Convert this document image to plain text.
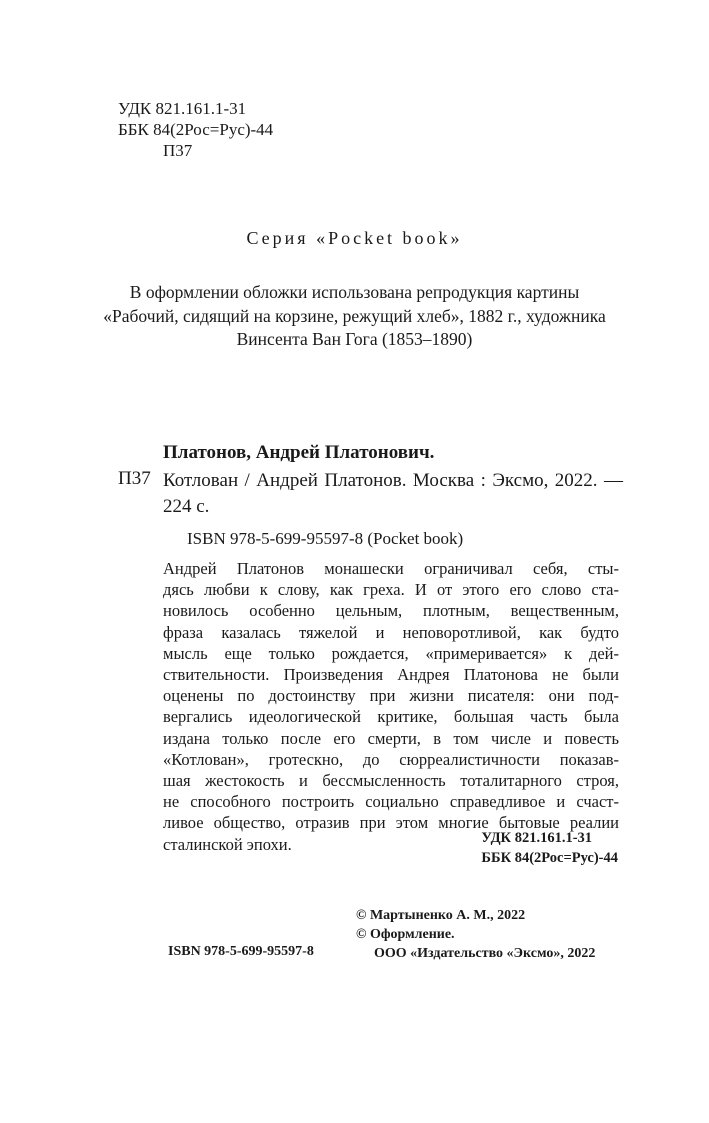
УДК 821.161.1-31
ББК 84(2Рос=Рус)-44
П37
Серия «Pocket book»
В оформлении обложки использована репродукция картины «Рабочий, сидящий на корзине, режущий хлеб», 1882 г., художника Винсента Ван Гога (1853–1890)
Платонов, Андрей Платонович.
П37 Котлован / Андрей Платонов. Москва : Эксмо, 2022. — 224 с.
ISBN 978-5-699-95597-8 (Pocket book)
Андрей Платонов монашески ограничивал себя, сты-
дясь любви к слову, как греха. И от этого его слово ста-
новилось особенно цельным, плотным, вещественным,
фраза казалась тяжелой и неповоротливой, как будто
мысль еще только рождается, «примеривается» к дей-
ствительности. Произведения Андрея Платонова не были
оценены по достоинству при жизни писателя: они под-
вергались идеологической критике, большая часть была
издана только после его смерти, в том числе и повесть
«Котлован», гротескно, до сюрреалистичности показав-
шая жестокость и бессмысленность тоталитарного строя,
не способного построить социально справедливое и счаст-
ливое общество, отразив при этом многие бытовые реалии
сталинской эпохи.	УДК 821.161.1-31
ББК 84(2Рос=Рус)-44
© Мартыненко А. М., 2022
© Оформление.
ООО «Издательство «Эксмо», 2022
ISBN 978-5-699-95597-8
